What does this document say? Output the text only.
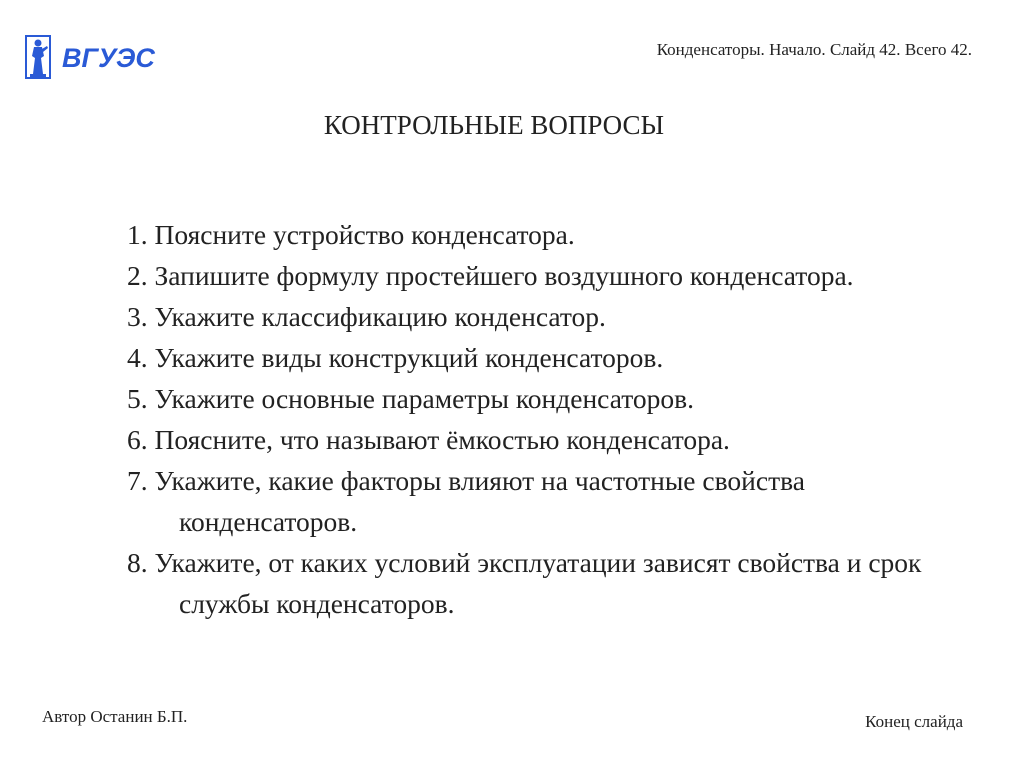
ВГУЭС	Конденсаторы. Начало. Слайд 42. Всего 42.
КОНТРОЛЬНЫЕ ВОПРОСЫ
1. Поясните устройство конденсатора.
2. Запишите формулу простейшего воздушного конденсатора.
3. Укажите классификацию конденсатор.
4. Укажите виды конструкций конденсаторов.
5. Укажите основные параметры конденсаторов.
6. Поясните, что называют ёмкостью конденсатора.
7. Укажите, какие факторы влияют на частотные свойства конденсаторов.
8. Укажите, от каких условий эксплуатации зависят свойства и срок службы конденсаторов.
Автор Останин Б.П.	Конец слайда
